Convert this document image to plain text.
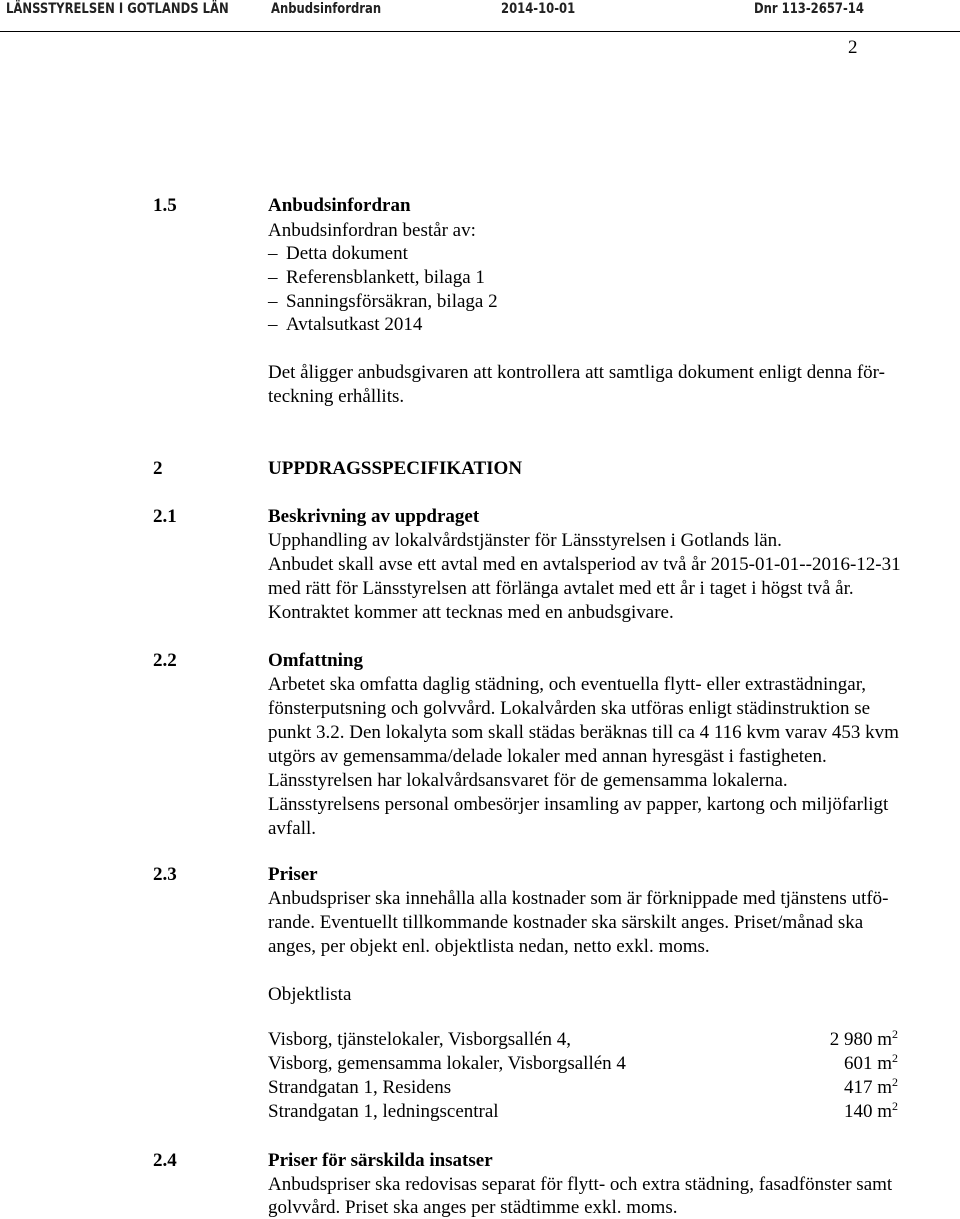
LÄNSSTYRELSEN I GOTLANDS LÄN	Anbudsinfordran	2014-10-01	Dnr 113-2657-14
2
1.5	Anbudsinfordran
Anbudsinfordran består av:
– Detta dokument
– Referensblankett, bilaga 1
– Sanningsförsäkran, bilaga 2
– Avtalsutkast 2014
Det åligger anbudsgivaren att kontrollera att samtliga dokument enligt denna för-
teckning erhållits.
2	UPPDRAGSSPECIFIKATION
2.1	Beskrivning av uppdraget
Upphandling av lokalvårdstjänster för Länsstyrelsen i Gotlands län.
Anbudet skall avse ett avtal med en avtalsperiod av två år 2015-01-01--2016-12-31
med rätt för Länsstyrelsen att förlänga avtalet med ett år i taget i högst två år.
Kontraktet kommer att tecknas med en anbudsgivare.
2.2	Omfattning
Arbetet ska omfatta daglig städning, och eventuella flytt- eller extrastädningar,
fönsterputsning och golvvård. Lokalvården ska utföras enligt städinstruktion se
punkt 3.2. Den lokalyta som skall städas beräknas till ca 4 116 kvm varav 453 kvm
utgörs av gemensamma/delade lokaler med annan hyresgäst i fastigheten.
Länsstyrelsen har lokalvårdsansvaret för de gemensamma lokalerna.
Länsstyrelsens personal ombesörjer insamling av papper, kartong och miljöfarligt
avfall.
2.3	Priser
Anbudspriser ska innehålla alla kostnader som är förknippade med tjänstens utfö-
rande. Eventuellt tillkommande kostnader ska särskilt anges. Priset/månad ska
anges, per objekt enl. objektlista nedan, netto exkl. moms.
Objektlista
Visborg, tjänstelokaler, Visborgsallén 4,	2 980 $m^2$
Visborg, gemensamma lokaler, Visborgsallén 4	601 $m^2$
Strandgatan 1, Residens	417 $m^2$
Strandgatan 1, ledningscentral	140 $m^2$
2.4	Priser för särskilda insatser
Anbudspriser ska redovisas separat för flytt- och extra städning, fasadfönster samt
golvvård. Priset ska anges per städtimme exkl. moms.
